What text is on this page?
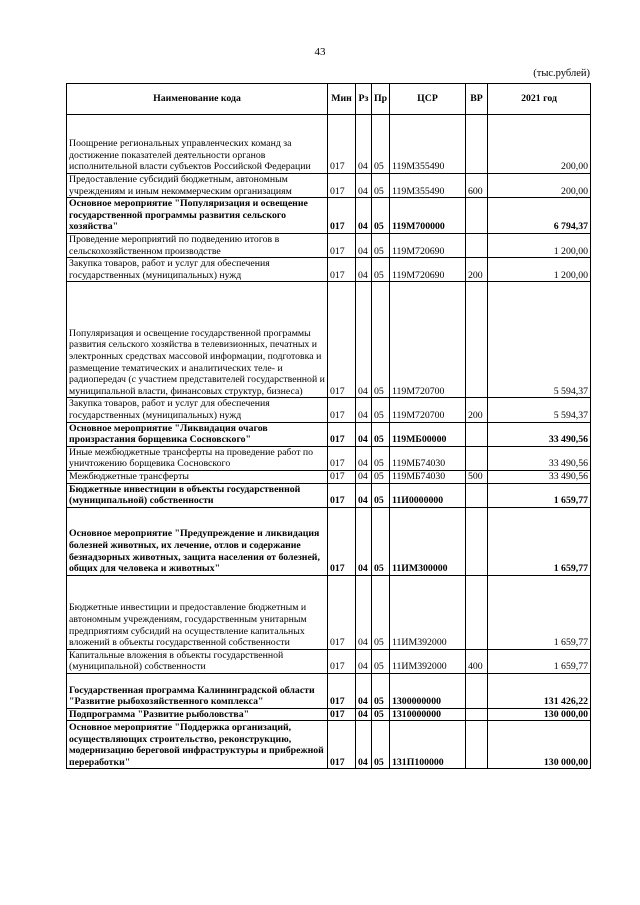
43
(тыс.рублей)
Наименование кода	Мин	Рз	Пр	ЦСР	ВР	2021 год
Поощрение региональных управленческих команд за достижение показателей деятельности органов исполнительной власти субъектов Российской Федерации	017	04	05	119М355490		200,00
Предоставление субсидий бюджетным, автономным учреждениям и иным некоммерческим организациям	017	04	05	119М355490	600	200,00
Основное мероприятие "Популяризация и освещение государственной программы развития сельского хозяйства"	017	04	05	119М700000		6 794,37
Проведение мероприятий по подведению итогов в сельскохозяйственном производстве	017	04	05	119М720690		1 200,00
Закупка товаров, работ и услуг для обеспечения государственных (муниципальных) нужд	017	04	05	119М720690	200	1 200,00
Популяризация и освещение государственной программы развития сельского хозяйства в телевизионных, печатных и электронных средствах массовой информации, подготовка и размещение тематических и аналитических теле- и радиопередач (с участием представителей государственной и муниципальной власти, финансовых структур, бизнеса)	017	04	05	119М720700		5 594,37
Закупка товаров, работ и услуг для обеспечения государственных (муниципальных) нужд	017	04	05	119М720700	200	5 594,37
Основное мероприятие "Ликвидация очагов произрастания борщевика Сосновского"	017	04	05	119МБ00000		33 490,56
Иные межбюджетные трансферты на проведение работ по уничтожению борщевика Сосновского	017	04	05	119МБ74030		33 490,56
Межбюджетные трансферты	017	04	05	119МБ74030	500	33 490,56
Бюджетные инвестиции в объекты государственной (муниципальной) собственности	017	04	05	11И0000000		1 659,77
Основное мероприятие "Предупреждение и ликвидация болезней животных, их лечение, отлов и содержание безнадзорных животных, защита населения от болезней, общих для человека и животных"	017	04	05	11ИМ300000		1 659,77
Бюджетные инвестиции и предоставление бюджетным и автономным учреждениям, государственным унитарным предприятиям субсидий на осуществление капитальных вложений в объекты государственной собственности	017	04	05	11ИМ392000		1 659,77
Капитальные вложения в объекты государственной (муниципальной) собственности	017	04	05	11ИМ392000	400	1 659,77
Государственная программа Калининградской области "Развитие рыбохозяйственного комплекса"	017	04	05	1300000000		131 426,22
Подпрограмма "Развитие рыболовства"	017	04	05	1310000000		130 000,00
Основное мероприятие "Поддержка организаций, осуществляющих строительство, реконструкцию, модернизацию береговой инфраструктуры и прибрежной переработки"	017	04	05	131П100000		130 000,00
